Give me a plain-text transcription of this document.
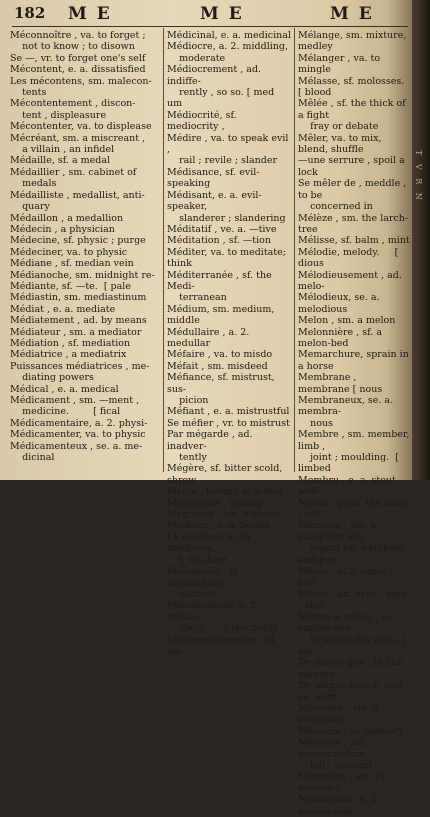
182 M E	M E	M E
Méconnoître , va. to forget ;
not to know ; to disown
Se —, vr. to forget one's self
Mécontent, e. a. dissatisfied
Les mécontens, sm. malecon-
tents
Mécontentement , discon-
tent , displeasure
Mécontenter, va. to displease
Mécréant, sm. a miscreant ,
a villain , an infidel
Médaille, sf. a medal
Médaillier , sm. cabinet of
medals
Médailliste , medallist, anti-
quary
Médaillon , a medallion
Médecin , a physician
Médecine, sf. physic ; purge
Médeciner, va. to physic
Médiane , sf. median vein
Médianoche, sm. midnight re-
Médiante, sf. —te.  [ pale
Médiastin, sm. mediastinum
Médiat , e. a. mediate
Médiatement , ad. by means
Médiateur , sm. a mediator
Médiation , sf. mediation
Médiatrice , a mediatrix
Puissances médiatrices , me-
diating powers
Médical , e. a. medical
Médicament , sm. —ment ,
medicine.        [ fical
Médicamentaire, a. 2. physi-
Médicamenter, va. to physic
Médicamenteux , se. a. me-
dicinal
Médicinal, e. a. medicinal
Médiocre, a. 2. middling,
moderate
Médiocrement , ad. indiffe-
rently , so so. [ med um
Médiocrité, sf. mediocrity ,
Médire , va. to speak evil ,
rail ; revile ; slander
Médisance, sf. evil-speaking
Médisant, e. a. evil-speaker,
slanderer ; slandering
Méditatif , ve. a. —tive
Méditation , sf. —tion
Méditer, va. to meditate; think
Méditerranée , sf. the Medi-
terranean
Médium, sm. medium, middle
Médullaire , a. 2. medullar
Méfaire , va. to misdo
Méfait , sm. misdeed
Méfiance, sf. mistrust, sus-
picion
Méfiant , e. a. mistrustful
Se méfier , vr. to mistrust
Par mégarde , ad. inadver-
tently
Mégère, sf. bitter scold, shrew
Mégie , tawing of a skin
Mégisserie , tawing
Mégissier , sm. a tawer
Meilleur , e. a. better
Le meilleur, m. la meilleure,
f. the best
Mélancolie , sf. melancholy;
sadness
Mélancolique, a. 2. melan-
choly.      [ lancholily
Mélancoliquement, ad, me-
Mélange, sm. mixture, medley
Mélanger , va. to mingle
Mélasse, sf. molosses. [ blood
Mêlée , sf. the thick of a fight
fray or debate
Mêler, va. to mix, blend, shuffle
—une serrure , spoil a lock
Se mêler de , meddle , to be
concerned in
Mélèze , sm. the larch-tree
Mélisse, sf. balm , mint
Mélodie, melody.     [ dious
Mélodieusement , ad. melo-
Mélodieux, se. a. melodious
Melon , sm. a melon
Melonnière , sf. a melon-bed
Memarchure, sprain in a horse
Membrane , membrane [ nous
Membraneux, se. a. membra-
nous
Membre , sm. member, limb ,
joint ; moulding.  [ limbed
Membru , e. a. stout , well-
Même , pron. the same ; self
Mémoire , sm. a pamphlet bill,
report for weighing and pay
Même , a. 2. same ; self
Même , ad. even , very , also
Mettre à même , to enable one
to justify his wish.  [ ner
De même que , in like manner
De même, que, c. just as, even
Mémentó , sm. a memento
Mémoire , sf. memory
Mémoire , sm. memorandum,
bill , account
Mémoires , sm. pl. memoirs
Mémorable, a. 2. memorable
T V R N
